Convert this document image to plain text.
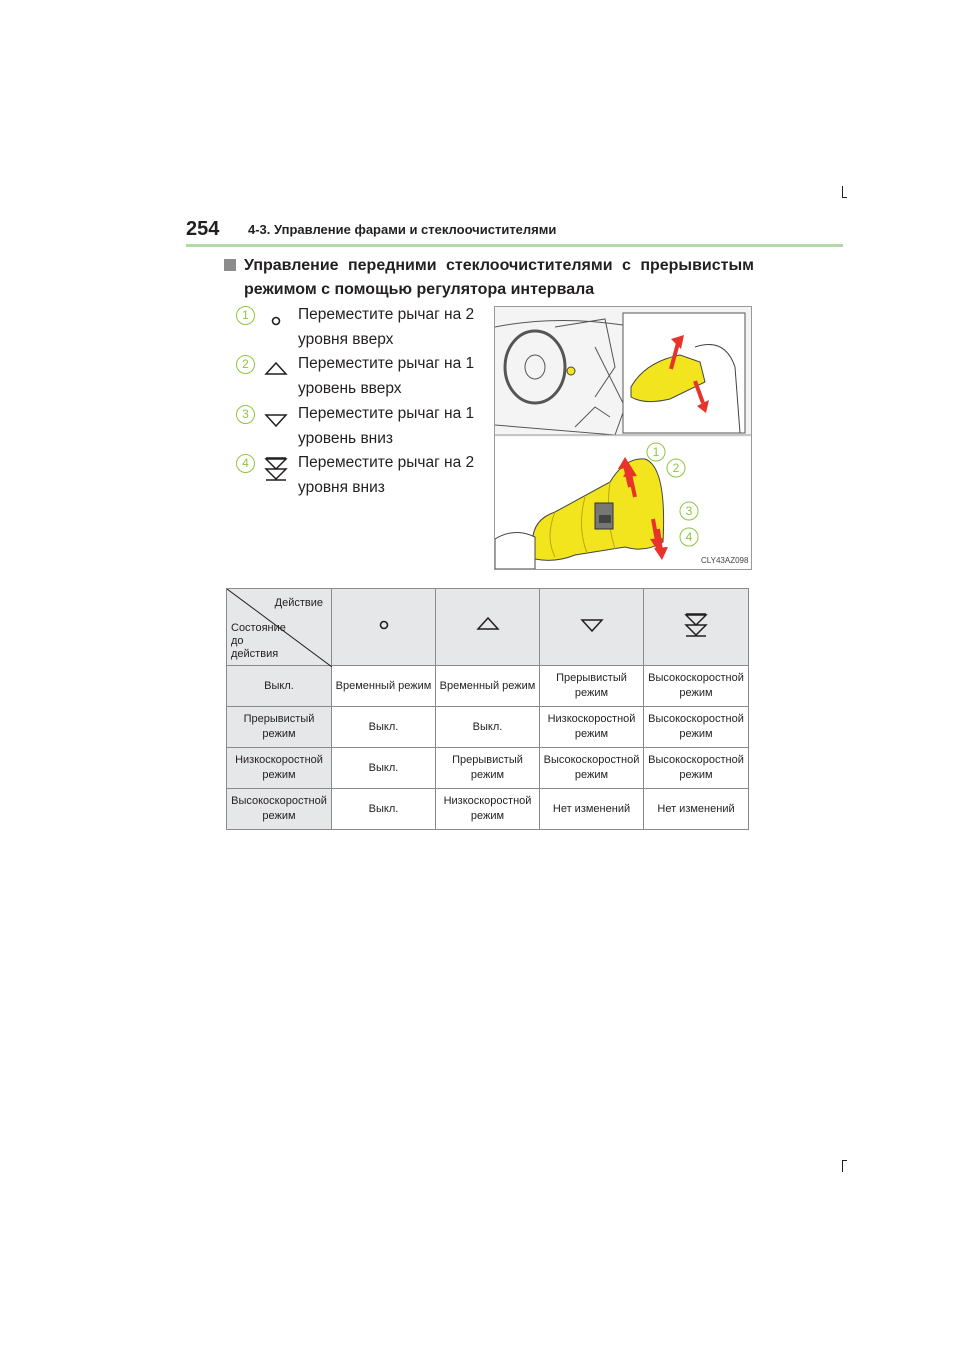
254 4-3. Управление фарами и стеклоочистителями
Управление передними стеклоочистителями с прерывистым режимом с помощью регулятора интервала
1	Переместите рычаг на 2 уровня вверх
2	Переместите рычаг на 1 уровень вверх
3	Переместите рычаг на 1 уровень вниз
4	Переместите рычаг на 2 уровня вниз
1
2
3
4
CLY43AZ098
Действие
Состояние до действия

Выкл.	Временный режим	Временный режим	Прерывистый режим	Высокоскоростной режим
Прерывистый режим	Выкл.	Выкл.	Низкоскоростной режим	Высокоскоростной режим
Низкоскоростной режим	Выкл.	Прерывистый режим	Высокоскоростной режим	Высокоскоростной режим
Высокоскоростной режим	Выкл.	Низкоскоростной режим	Нет изменений	Нет изменений
